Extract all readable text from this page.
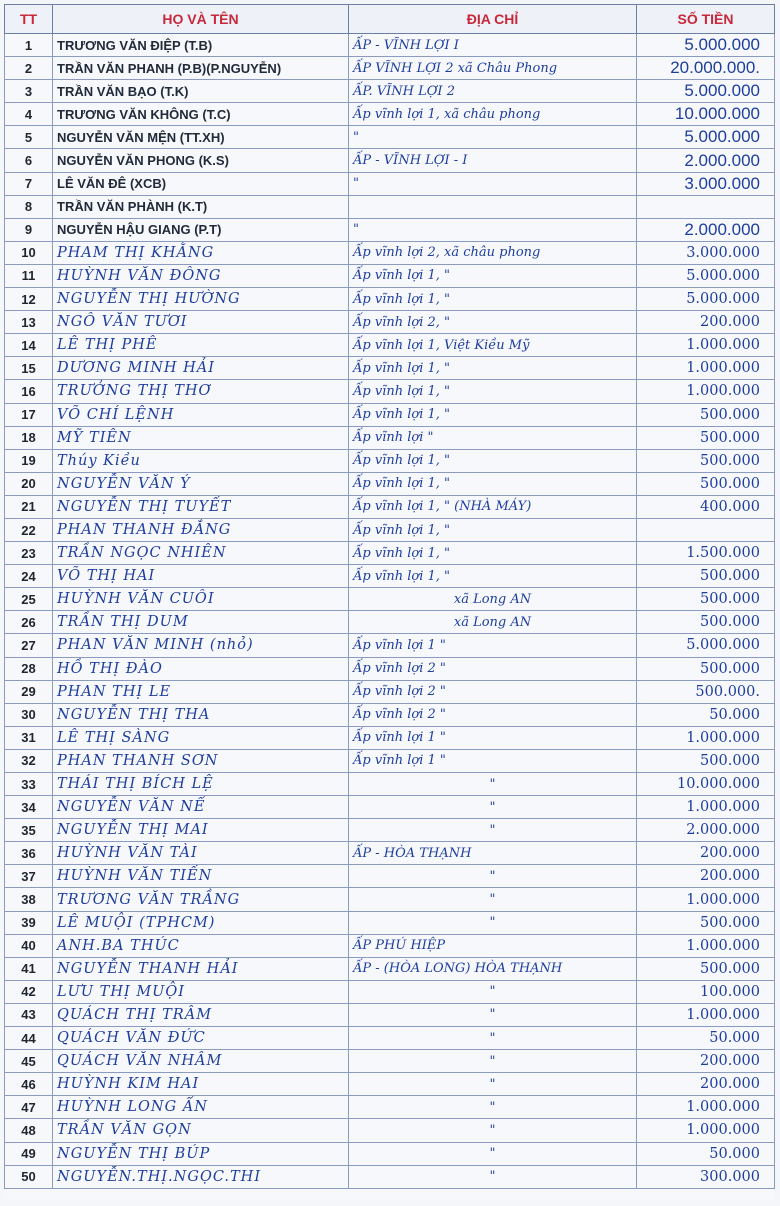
TT	HỌ VÀ TÊN	ĐỊA CHỈ	SỐ TIỀN
1	TRƯƠNG VĂN ĐIỆP (T.B)	ẤP - VĨNH LỢI I	5.000.000
2	TRẦN VĂN PHANH (P.B)(P.NGUYỄN)	ẤP VĨNH LỢI 2 xã Châu Phong	20.000.000.
3	TRẦN VĂN BẠO (T.K)	ẤP. VĨNH LỢI 2	5.000.000
4	TRƯƠNG VĂN KHÔNG (T.C)	Ấp vĩnh lợi 1, xã châu phong	10.000.000
5	NGUYỄN VĂN MỆN (TT.XH)	"	5.000.000
6	NGUYỄN VĂN PHONG (K.S)	ẤP - VĨNH LỢI - I	2.000.000
7	LÊ VĂN ĐÊ (XCB)	"	3.000.000
8	TRẦN VĂN PHÀNH (K.T)		
9	NGUYỄN HẬU GIANG (P.T)	"	2.000.000
10	PHAM THỊ KHẰNG	Ấp vĩnh lợi 2, xã châu phong	3.000.000
11	HUỲNH VĂN ĐÔNG	Ấp vĩnh lợi 1, "	5.000.000
12	NGUYỄN THỊ HƯỜNG	Ấp vĩnh lợi 1, "	5.000.000
13	NGÔ VĂN TƯƠI	Ấp vĩnh lợi 2, "	200.000
14	LÊ THỊ PHÊ	Ấp vĩnh lợi 1, Việt Kiều Mỹ	1.000.000
15	DƯƠNG MINH HẢI	Ấp vĩnh lợi 1, "	1.000.000
16	TRƯỞNG THỊ THƠ	Ấp vĩnh lợi 1, "	1.000.000
17	VÕ CHÍ LỆNH	Ấp vĩnh lợi 1, "	500.000
18	MỸ TIÊN	Ấp vĩnh lợi "	500.000
19	Thúy Kiều	Ấp vĩnh lợi 1, "	500.000
20	NGUYỄN VĂN Ý	Ấp vĩnh lợi 1, "	500.000
21	NGUYỄN THỊ TUYẾT	Ấp vĩnh lợi 1, " (NHÀ MÁY)	400.000
22	PHAN THANH ĐẲNG	Ấp vĩnh lợi 1, "	
23	TRẦN NGỌC NHIÊN	Ấp vĩnh lợi 1, "	1.500.000
24	VÕ THỊ HAI	Ấp vĩnh lợi 1, "	500.000
25	HUỲNH VĂN CUÔI	xã Long AN	500.000
26	TRẦN THỊ DUM	xã Long AN	500.000
27	PHAN VĂN MINH (nhỏ)	Ấp vĩnh lợi 1 "	5.000.000
28	HỒ THỊ ĐÀO	Ấp vĩnh lợi 2 "	500.000
29	PHAN THỊ LE	Ấp vĩnh lợi 2 "	500.000.
30	NGUYỄN THỊ THA	Ấp vĩnh lợi 2 "	50.000
31	LÊ THỊ SÀNG	Ấp vĩnh lợi 1 "	1.000.000
32	PHAN THANH SƠN	Ấp vĩnh lợi 1 "	500.000
33	THÁI THỊ BÍCH LỆ	"	10.000.000
34	NGUYỄN VĂN NỂ	"	1.000.000
35	NGUYỄN THỊ MAI	"	2.000.000
36	HUỲNH VĂN TÀI	ẤP - HÒA THẠNH	200.000
37	HUỲNH VĂN TIẾN	"	200.000
38	TRƯƠNG VĂN TRẦNG	"	1.000.000
39	LÊ MUỘI (TPHCM)	"	500.000
40	ANH.BA THÚC	ẤP PHÚ HIỆP	1.000.000
41	NGUYỄN THANH HẢI	ẤP - (HÒA LONG) HÒA THẠNH	500.000
42	LƯU THỊ MUỘI	"	100.000
43	QUÁCH THỊ TRÂM	"	1.000.000
44	QUÁCH VĂN ĐỨC	"	50.000
45	QUÁCH VĂN NHÂM	"	200.000
46	HUỲNH KIM HAI	"	200.000
47	HUỲNH LONG ẨN	"	1.000.000
48	TRẦN VĂN GỌN	"	1.000.000
49	NGUYỄN THỊ BÚP	"	50.000
50	NGUYỄN.THỊ.NGỌC.THI	"	300.000
